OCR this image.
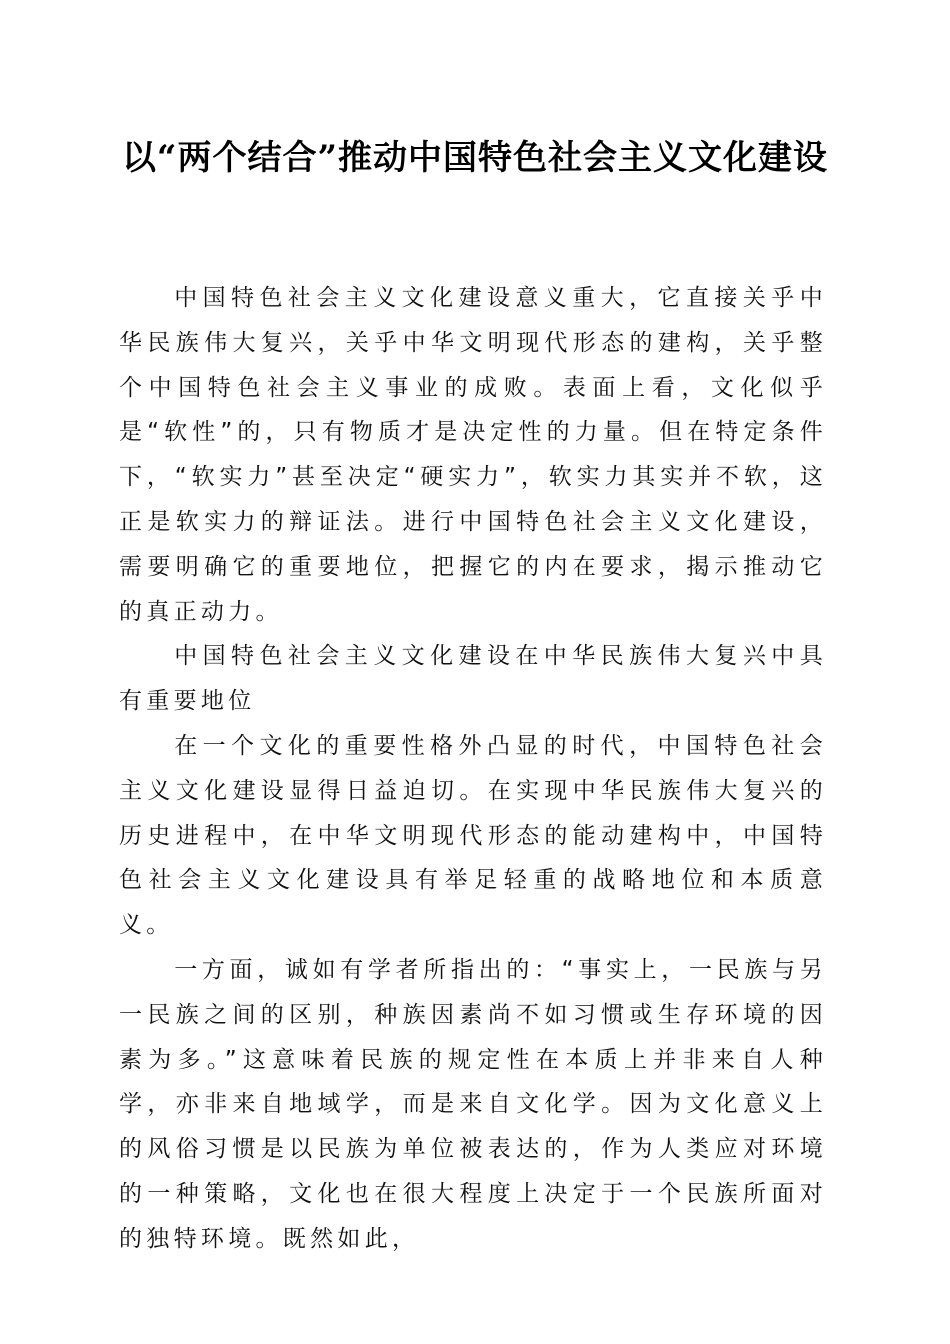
以“两个结合”推动中国特色社会主义文化建设

中国特色社会主义文化建设意义重大，它直接关乎中华民族伟大复兴，关乎中华文明现代形态的建构，关乎整个中国特色社会主义事业的成败。表面上看，文化似乎是“软性”的，只有物质才是决定性的力量。但在特定条件下，“软实力”甚至决定“硬实力”，软实力其实并不软，这正是软实力的辩证法。进行中国特色社会主义文化建设，需要明确它的重要地位，把握它的内在要求，揭示推动它的真正动力。

中国特色社会主义文化建设在中华民族伟大复兴中具有重要地位

在一个文化的重要性格外凸显的时代，中国特色社会主义文化建设显得日益迫切。在实现中华民族伟大复兴的历史进程中，在中华文明现代形态的能动建构中，中国特色社会主义文化建设具有举足轻重的战略地位和本质意义。

一方面，诚如有学者所指出的：“事实上，一民族与另一民族之间的区别，种族因素尚不如习惯或生存环境的因素为多。”这意味着民族的规定性在本质上并非来自人种学，亦非来自地域学，而是来自文化学。因为文化意义上的风俗习惯是以民族为单位被表达的，作为人类应对环境的一种策略，文化也在很大程度上决定于一个民族所面对的独特环境。既然如此，
